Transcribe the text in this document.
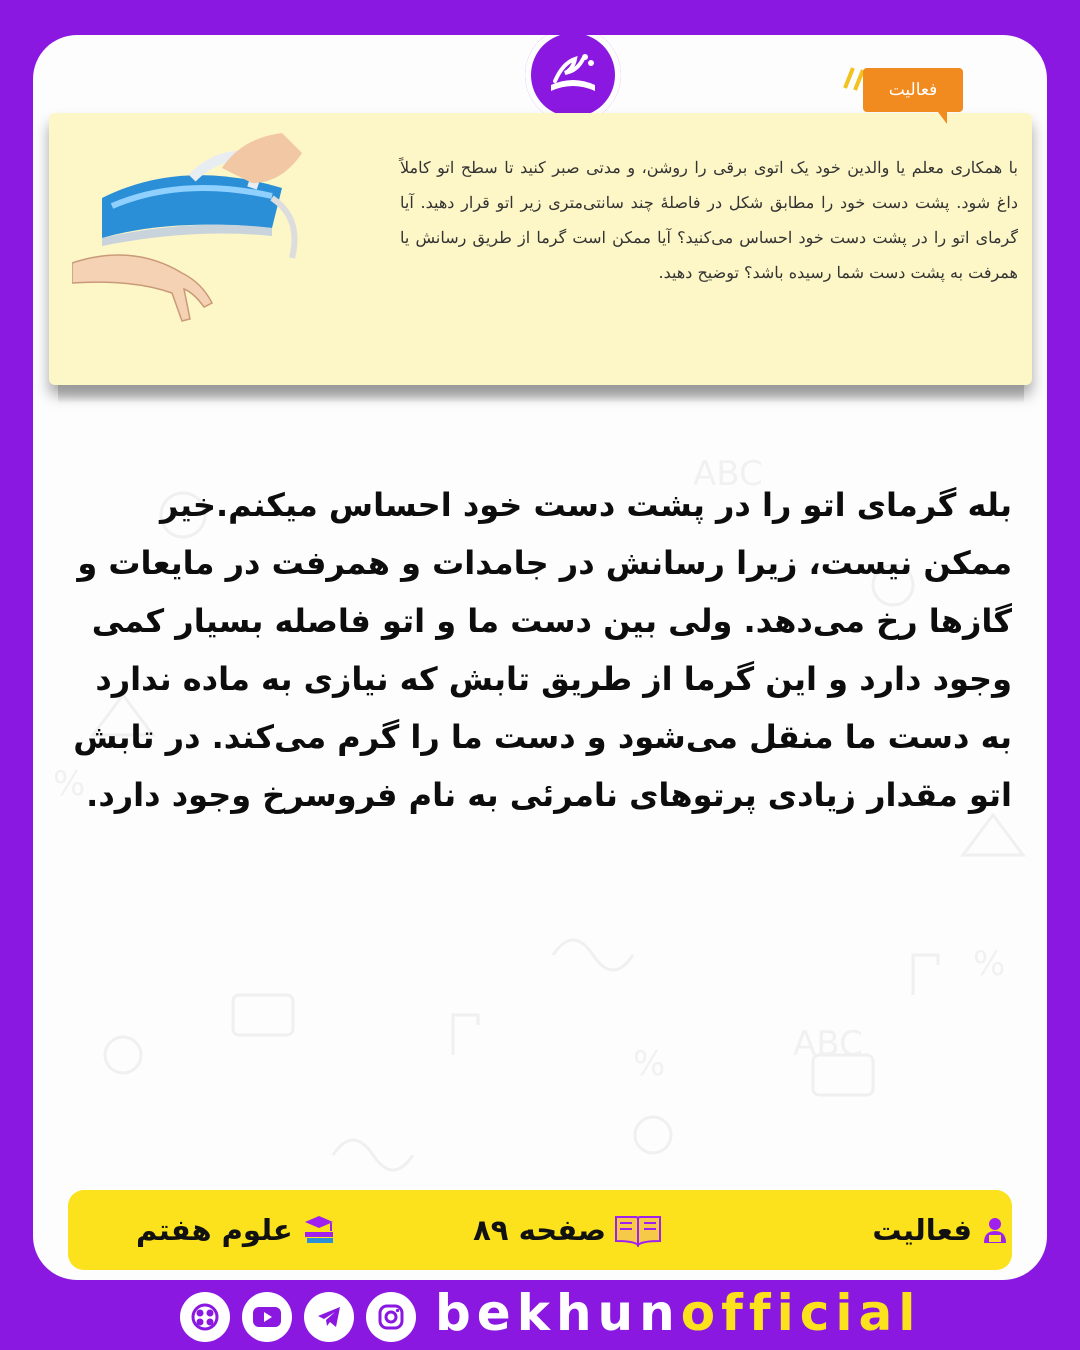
ABC
ABC
%
%
%
با همکاری معلم یا والدین خود یک اتوی برقی را روشن، و مدتی صبر کنید تا سطح اتو کاملاً داغ شود. پشت دست خود را مطابق شکل در فاصلهٔ چند سانتی‌متری زیر اتو قرار دهید. آیا گرمای اتو را در پشت دست خود احساس می‌کنید؟ آیا ممکن است گرما از طریق رسانش یا همرفت به پشت دست شما رسیده باشد؟ توضیح دهید.
فعالیت
بله گرمای اتو را در پشت دست خود احساس میکنم.خیر ممکن نیست، زیرا رسانش در جامدات و همرفت در مایعات و گازها رخ می‌دهد. ولی بین دست ما و اتو فاصله بسیار کمی وجود دارد و این گرما از طریق تابش که نیازی به ماده ندارد به دست ما منقل می‌شود و دست ما را گرم می‌کند. در تابش اتو مقدار زیادی پرتوهای نامرئی به نام فروسرخ وجود دارد.
فعالیت
صفحه ۸۹
علوم هفتم
bekhunofficial
